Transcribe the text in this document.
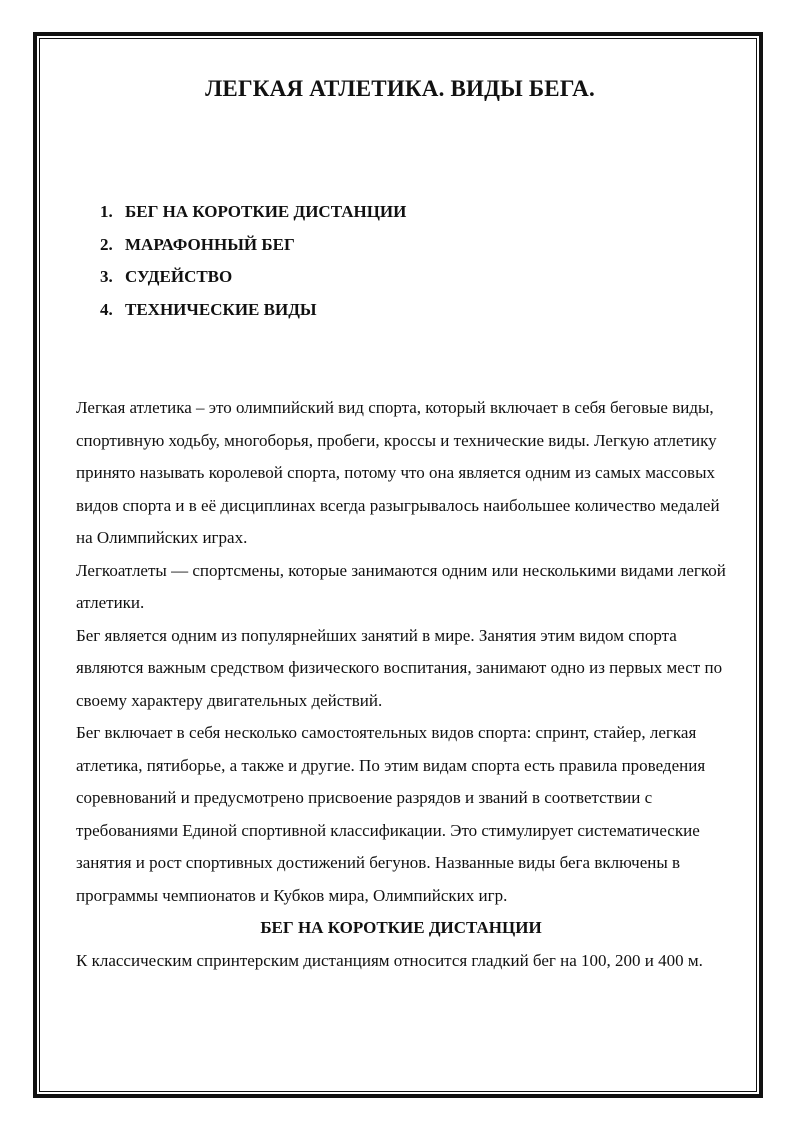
ЛЕГКАЯ АТЛЕТИКА. ВИДЫ БЕГА.
1. БЕГ НА КОРОТКИЕ ДИСТАНЦИИ
2. МАРАФОННЫЙ БЕГ
3. СУДЕЙСТВО
4. ТЕХНИЧЕСКИЕ ВИДЫ

Легкая атлетика – это олимпийский вид спорта, который включает в себя беговые виды, спортивную ходьбу, многоборья, пробеги, кроссы и технические виды. Легкую атлетику принято называть королевой спорта, потому что она является одним из самых массовых видов спорта и в её дисциплинах всегда разыгрывалось наибольшее количество медалей на Олимпийских играх.

Легкоатлеты — спортсмены, которые занимаются одним или несколькими видами легкой атлетики.

Бег является одним из популярнейших занятий в мире. Занятия этим видом спорта являются важным средством физического воспитания, занимают одно из первых мест по своему характеру двигательных действий.

Бег включает в себя несколько самостоятельных видов спорта: спринт, стайер, легкая атлетика, пятиборье, а также и другие. По этим видам спорта есть правила проведения соревнований и предусмотрено присвоение разрядов и званий в соответствии с требованиями Единой спортивной классификации. Это стимулирует систематические занятия и рост спортивных достижений бегунов. Названные виды бега включены в программы чемпионатов и Кубков мира, Олимпийских игр.

БЕГ НА КОРОТКИЕ ДИСТАНЦИИ

К классическим спринтерским дистанциям относится гладкий бег на 100, 200 и 400 м.
